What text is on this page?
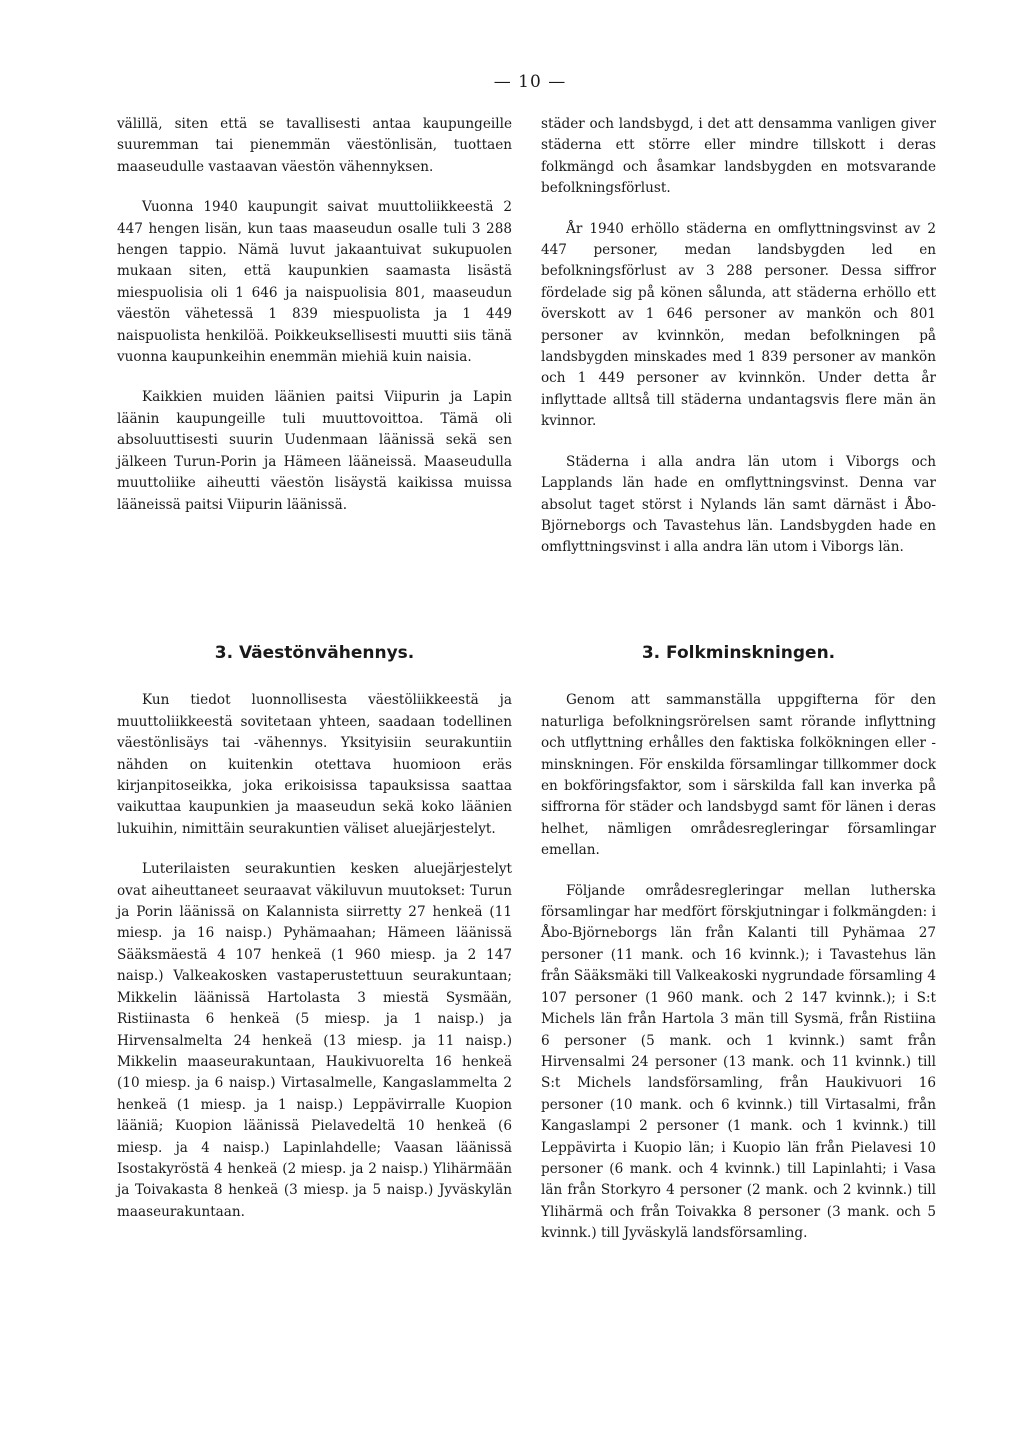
— 10 —

välillä, siten että se tavallisesti antaa kaupungeille suuremman tai pienemmän väestönlisän, tuottaen maaseudulle vastaavan väestön vähennyksen.

Vuonna 1940 kaupungit saivat muuttoliikkeestä 2 447 hengen lisän, kun taas maaseudun osalle tuli 3 288 hengen tappio. Nämä luvut jakaantuivat sukupuolen mukaan siten, että kaupunkien saamasta lisästä miespuolisia oli 1 646 ja naispuolisia 801, maaseudun väestön vähetessä 1 839 miespuolista ja 1 449 naispuolista henkilöä. Poikkeuksellisesti muutti siis tänä vuonna kaupunkeihin enemmän miehiä kuin naisia.

Kaikkien muiden läänien paitsi Viipurin ja Lapin läänin kaupungeille tuli muuttovoittoa. Tämä oli absoluuttisesti suurin Uudenmaan läänissä sekä sen jälkeen Turun-Porin ja Hämeen lääneissä. Maaseudulla muuttoliike aiheutti väestön lisäystä kaikissa muissa lääneissä paitsi Viipurin läänissä.

städer och landsbygd, i det att densamma vanligen giver städerna ett större eller mindre tillskott i deras folkmängd och åsamkar landsbygden en motsvarande befolkningsförlust.

År 1940 erhöllo städerna en omflyttningsvinst av 2 447 personer, medan landsbygden led en befolkningsförlust av 3 288 personer. Dessa siffror fördelade sig på könen sålunda, att städerna erhöllo ett överskott av 1 646 personer av mankön och 801 personer av kvinnkön, medan befolkningen på landsbygden minskades med 1 839 personer av mankön och 1 449 personer av kvinnkön. Under detta år inflyttade alltså till städerna undantagsvis flere män än kvinnor.

Städerna i alla andra län utom i Viborgs och Lapplands län hade en omflyttningsvinst. Denna var absolut taget störst i Nylands län samt därnäst i Åbo-Björneborgs och Tavastehus län. Landsbygden hade en omflyttningsvinst i alla andra län utom i Viborgs län.

3. Väestönvähennys.

Kun tiedot luonnollisesta väestöliikkeestä ja muuttoliikkeestä sovitetaan yhteen, saadaan todellinen väestönlisäys tai -vähennys. Yksityisiin seurakuntiin nähden on kuitenkin otettava huomioon eräs kirjanpitoseikka, joka erikoisissa tapauksissa saattaa vaikuttaa kaupunkien ja maaseudun sekä koko läänien lukuihin, nimittäin seurakuntien väliset aluejärjestelyt.

Luterilaisten seurakuntien kesken aluejärjestelyt ovat aiheuttaneet seuraavat väkiluvun muutokset: Turun ja Porin läänissä on Kalannista siirretty 27 henkeä (11 miesp. ja 16 naisp.) Pyhämaahan; Hämeen läänissä Sääksmäestä 4 107 henkeä (1 960 miesp. ja 2 147 naisp.) Valkeakosken vastaperustettuun seurakuntaan; Mikkelin läänissä Hartolasta 3 miestä Sysmään, Ristiinasta 6 henkeä (5 miesp. ja 1 naisp.) ja Hirvensalmelta 24 henkeä (13 miesp. ja 11 naisp.) Mikkelin maaseurakuntaan, Haukivuorelta 16 henkeä (10 miesp. ja 6 naisp.) Virtasalmelle, Kangaslammelta 2 henkeä (1 miesp. ja 1 naisp.) Leppävirralle Kuopion lääniä; Kuopion läänissä Pielavedeltä 10 henkeä (6 miesp. ja 4 naisp.) Lapinlahdelle; Vaasan läänissä Isostakyröstä 4 henkeä (2 miesp. ja 2 naisp.) Ylihärmään ja Toivakasta 8 henkeä (3 miesp. ja 5 naisp.) Jyväskylän maaseurakuntaan.

3. Folkminskningen.

Genom att sammanställa uppgifterna för den naturliga befolkningsrörelsen samt rörande inflyttning och utflyttning erhålles den faktiska folkökningen eller -minskningen. För enskilda församlingar tillkommer dock en bokföringsfaktor, som i särskilda fall kan inverka på siffrorna för städer och landsbygd samt för länen i deras helhet, nämligen områdesregleringar församlingar emellan.

Följande områdesregleringar mellan lutherska församlingar har medfört förskjutningar i folkmängden: i Åbo-Björneborgs län från Kalanti till Pyhämaa 27 personer (11 mank. och 16 kvinnk.); i Tavastehus län från Sääksmäki till Valkeakoski nygrundade församling 4 107 personer (1 960 mank. och 2 147 kvinnk.); i S:t Michels län från Hartola 3 män till Sysmä, från Ristiina 6 personer (5 mank. och 1 kvinnk.) samt från Hirvensalmi 24 personer (13 mank. och 11 kvinnk.) till S:t Michels landsförsamling, från Haukivuori 16 personer (10 mank. och 6 kvinnk.) till Virtasalmi, från Kangaslampi 2 personer (1 mank. och 1 kvinnk.) till Leppävirta i Kuopio län; i Kuopio län från Pielavesi 10 personer (6 mank. och 4 kvinnk.) till Lapinlahti; i Vasa län från Storkyro 4 personer (2 mank. och 2 kvinnk.) till Ylihärmä och från Toivakka 8 personer (3 mank. och 5 kvinnk.) till Jyväskylä landsförsamling.
